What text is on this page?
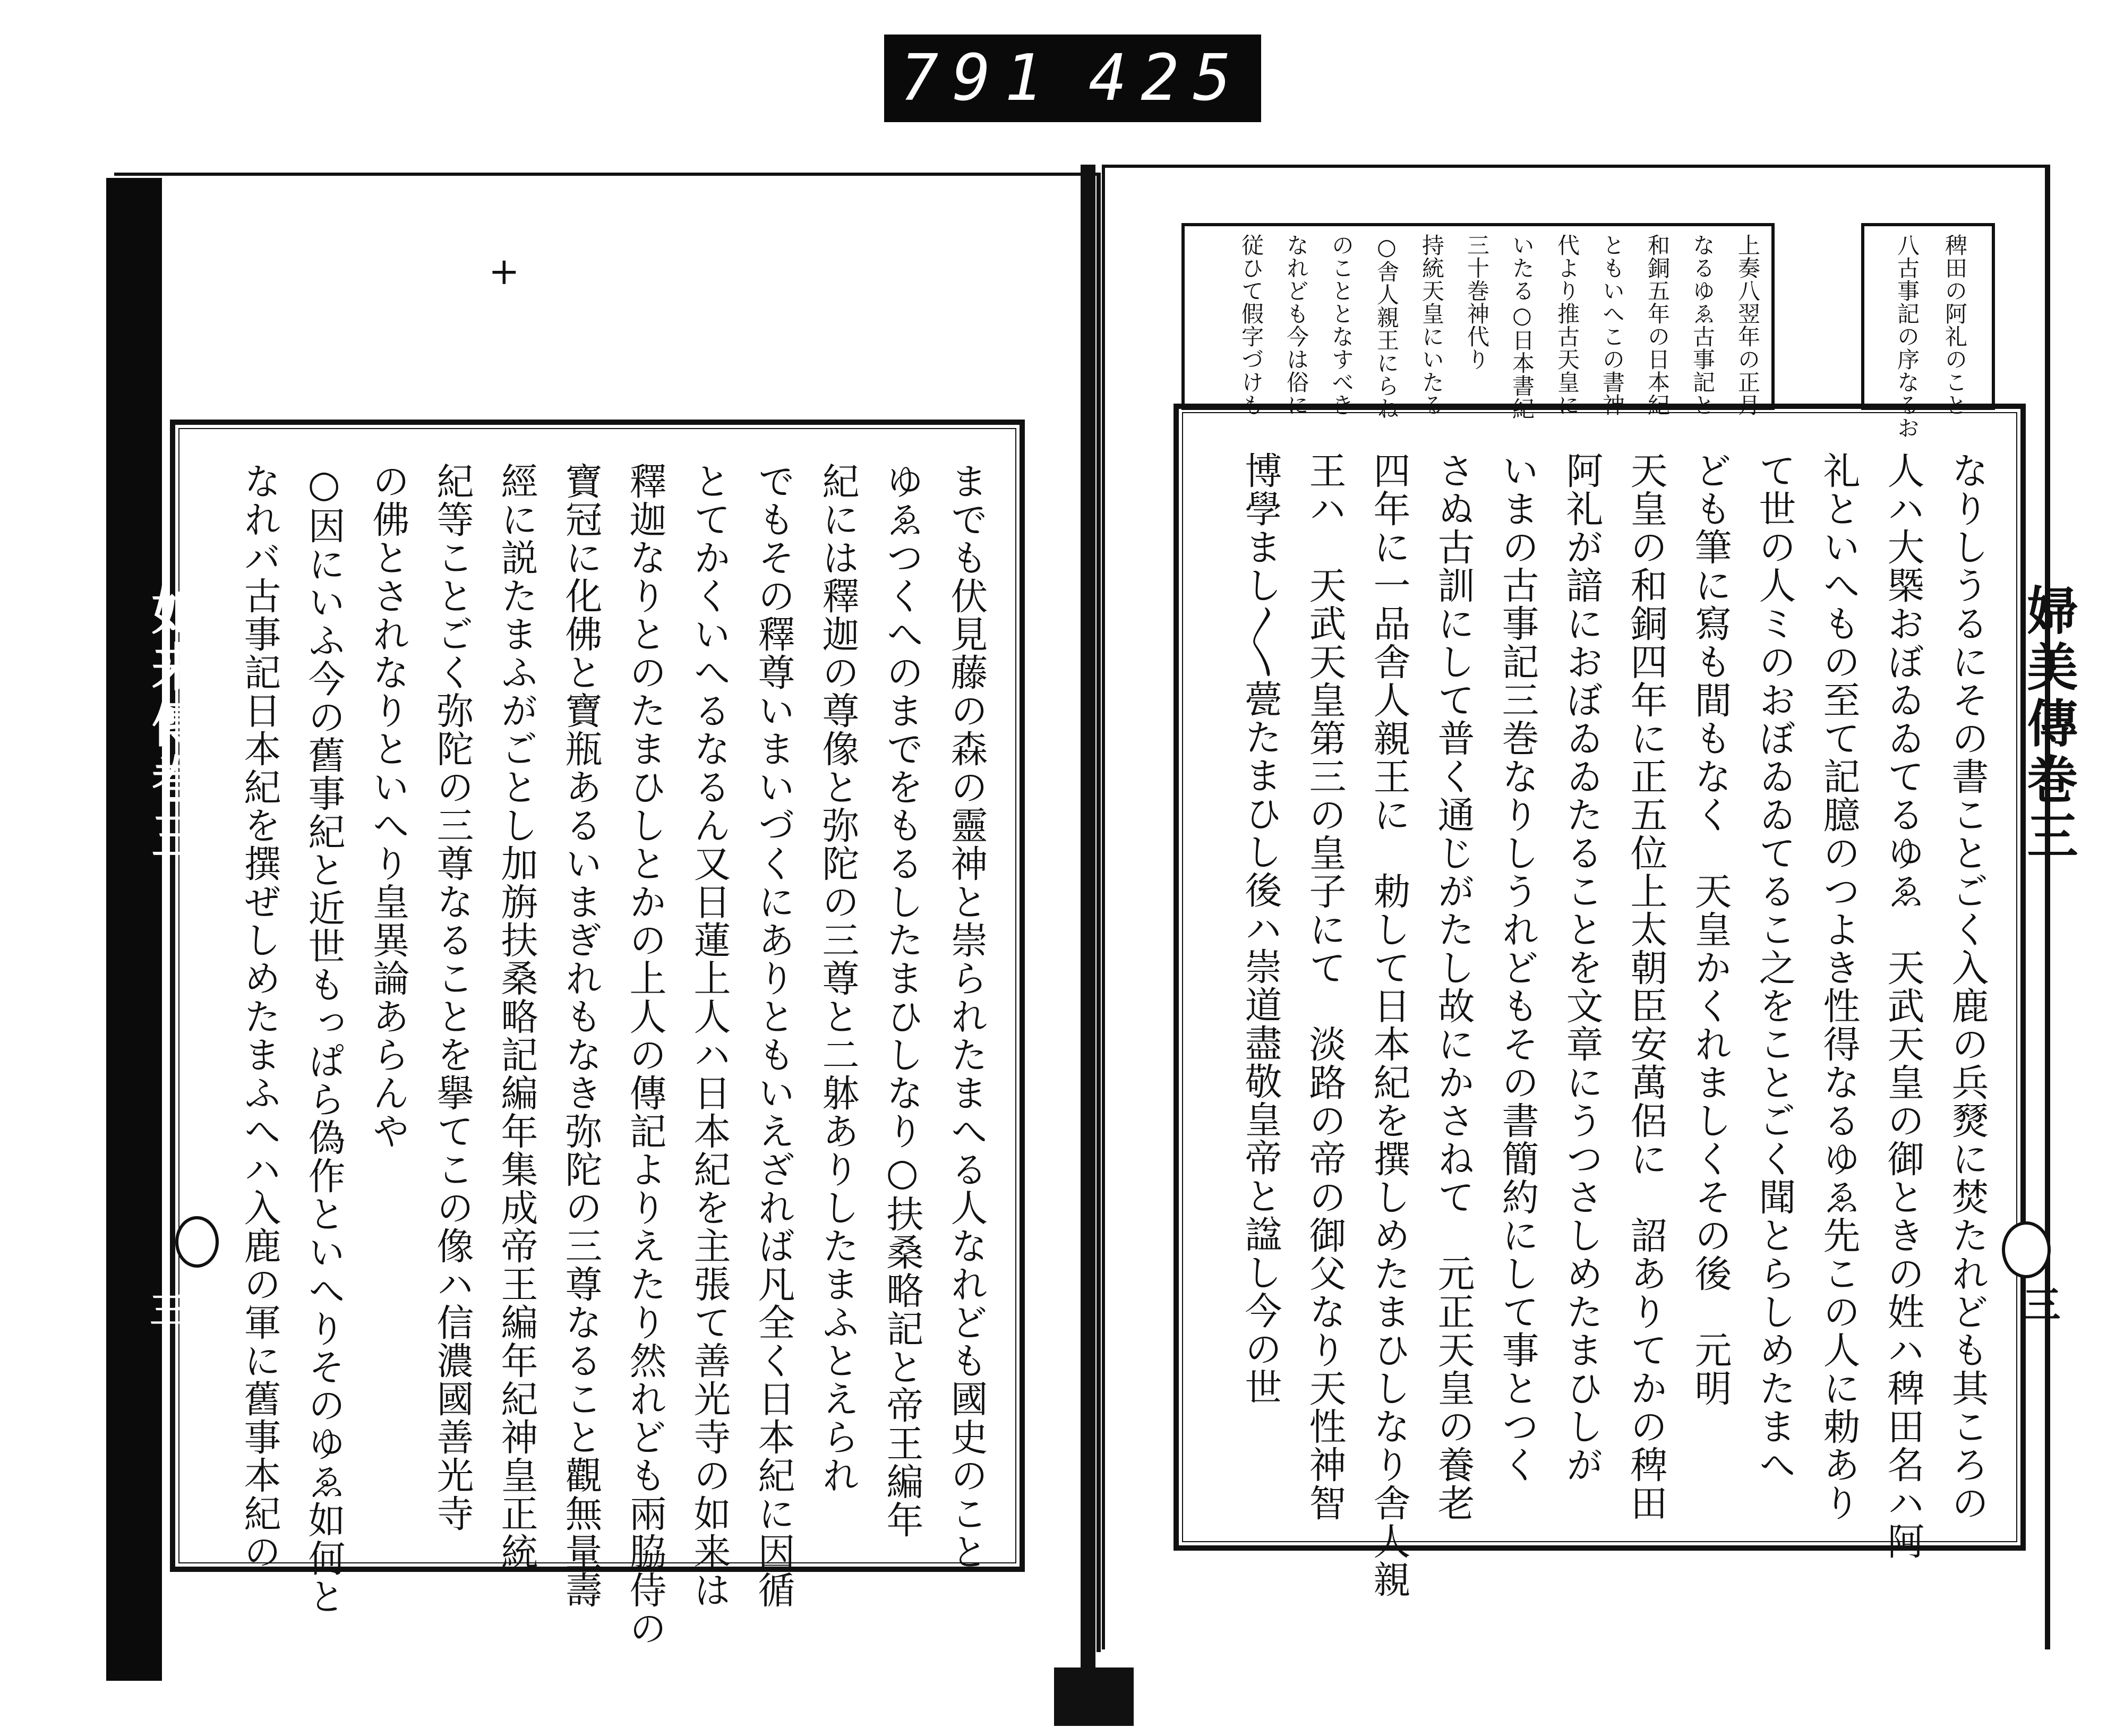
791 425
+
如来傳巻三
三	までも伏見藤の森の靈神と崇られたまへる人なれども國史のこと
ゆゑつくへのまでをもるしたまひしなり○扶桑略記と帝王編年
紀には釋迦の尊像と弥陀の三尊と二躰ありしたまふとえられ
でもその釋尊いまいづくにありともいえざれば凡全く日本紀に因循
とてかくいへるなるん又日蓮上人ハ日本紀を主張て善光寺の如来は
釋迦なりとのたまひしとかの上人の傳記よりえたり然れども兩脇侍の
寶冠に化佛と寶瓶あるいまぎれもなき弥陀の三尊なること觀無量壽
經に説たまふがごとし加旃扶桑略記編年集成帝王編年紀神皇正統
紀等ことごく弥陀の三尊なることを擧てこの像ハ信濃國善光寺
の佛とされなりといへり皇異論あらんや
○因にいふ今の舊事紀と近世もっぱら偽作といへりそのゆゑ如何と
なれバ古事記日本紀を撰ぜしめたまふへハ入鹿の軍に舊事本紀の
上奏八翌年の正月
なるゆゑ古事記と
和銅五年の日本紀
ともいへこの書神
代より推古天皇に
いたる○日本書紀
三十巻神代り
持統天皇にいたる
○舎人親王にらね
のこととなすべき
なれども今は俗に
従ひて假字づけも	稗田の阿礼のこと
八古事記の序なるお
婦美傳巻三
三
なりしうるにその書ことごく入鹿の兵燹に焚たれども其ころの
人ハ大槩おぼゐゐてるゆゑ　天武天皇の御ときの姓ハ稗田名ハ阿
礼といへもの至て記臆のつよき性得なるゆゑ先この人に勅あり
て世の人ミのおぼゐゐてるこ之をことごく聞とらしめたまへ
ども筆に寫も間もなく　天皇かくれましくその後　元明
天皇の和銅四年に正五位上太朝臣安萬侶に　詔ありてかの稗田
阿礼が諳におぼゐゐたることを文章にうつさしめたまひしが
いまの古事記三巻なりしうれどもその書簡約にして事とつく
さぬ古訓にして普く通じがたし故にかさねて　元正天皇の養老
四年に一品舎人親王に　勅して日本紀を撰しめたまひしなり舎人親
王ハ　天武天皇第三の皇子にて　淡路の帝の御父なり天性神智
博學まし〳〵甍たまひし後ハ崇道盡敬皇帝と諡し今の世
